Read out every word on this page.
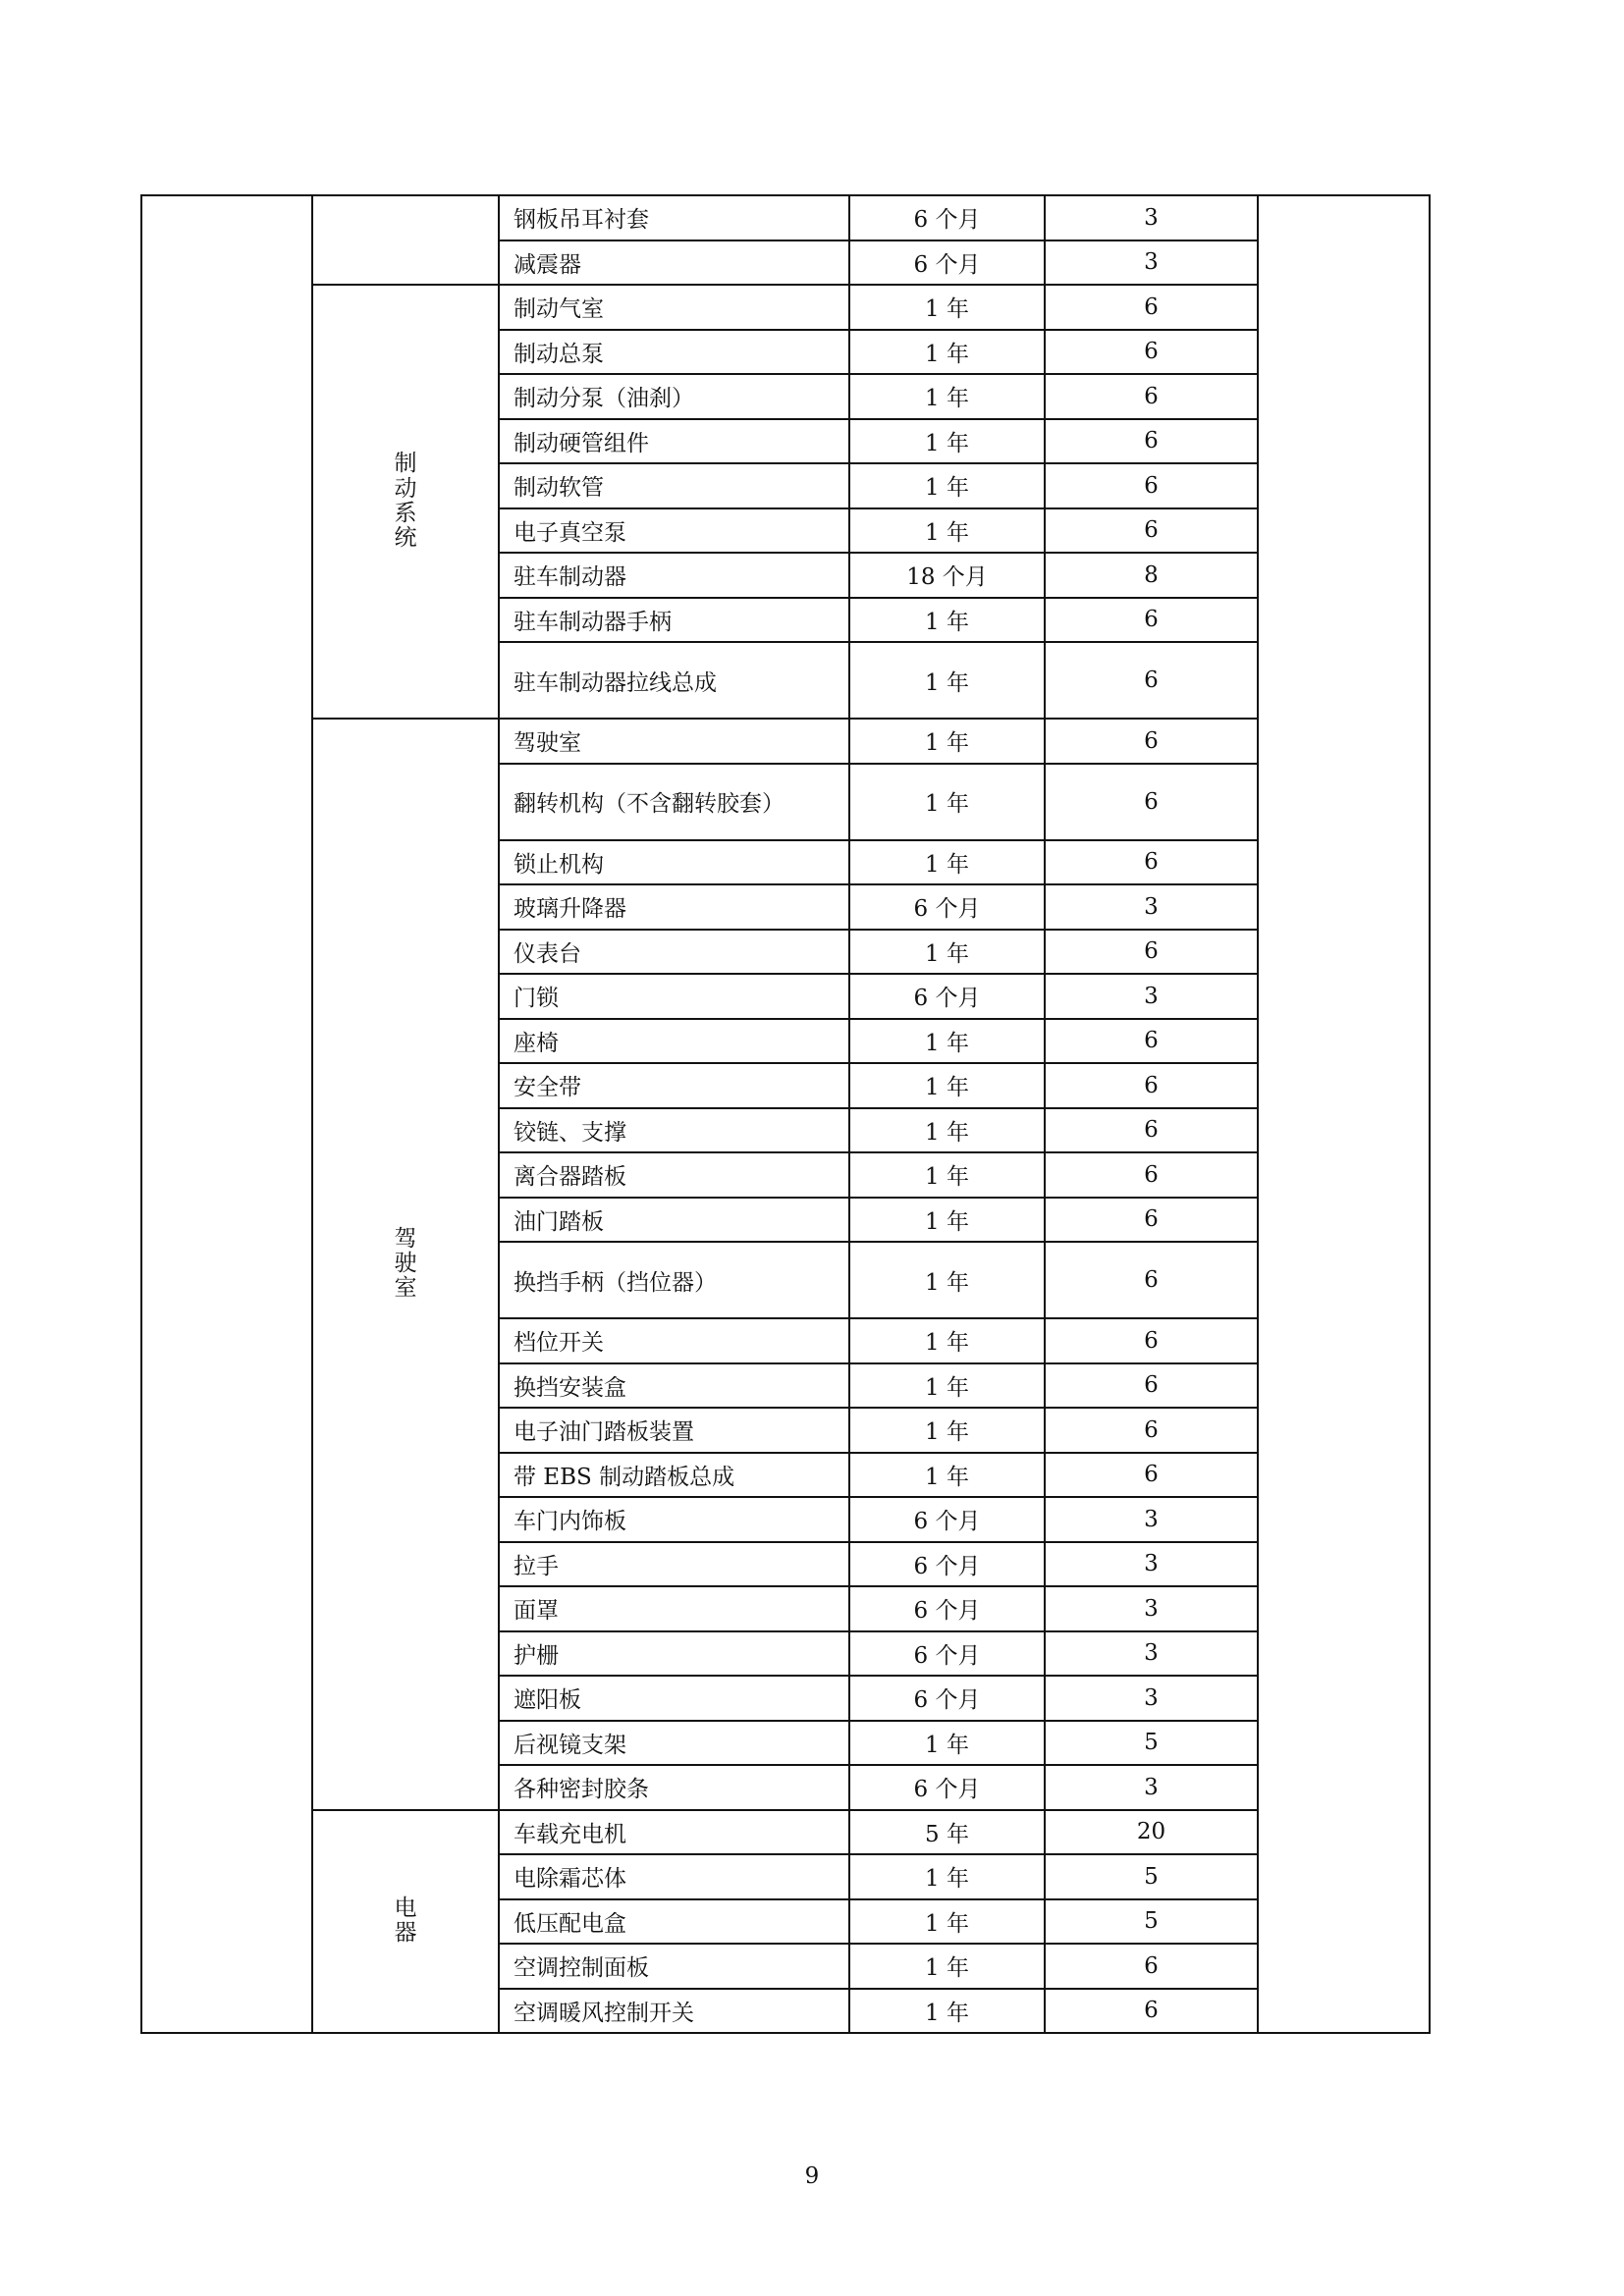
		钢板吊耳衬套	6 个月	3	
		减震器	6 个月	3	
	制动系统	制动气室	1 年	6	
		制动总泵	1 年	6	
		制动分泵（油刹）	1 年	6	
		制动硬管组件	1 年	6	
		制动软管	1 年	6	
		电子真空泵	1 年	6	
		驻车制动器	18 个月	8	
		驻车制动器手柄	1 年	6	
		驻车制动器拉线总成	1 年	6	
	驾驶室	驾驶室	1 年	6	
		翻转机构（不含翻转胶套）	1 年	6	
		锁止机构	1 年	6	
		玻璃升降器	6 个月	3	
		仪表台	1 年	6	
		门锁	6 个月	3	
		座椅	1 年	6	
		安全带	1 年	6	
		铰链、支撑	1 年	6	
		离合器踏板	1 年	6	
		油门踏板	1 年	6	
		换挡手柄（挡位器）	1 年	6	
		档位开关	1 年	6	
		换挡安装盒	1 年	6	
		电子油门踏板装置	1 年	6	
		带 EBS 制动踏板总成	1 年	6	
		车门内饰板	6 个月	3	
		拉手	6 个月	3	
		面罩	6 个月	3	
		护栅	6 个月	3	
		遮阳板	6 个月	3	
		后视镜支架	1 年	5	
		各种密封胶条	6 个月	3	
	电器	车载充电机	5 年	20	
		电除霜芯体	1 年	5	
		低压配电盒	1 年	5	
		空调控制面板	1 年	6	
		空调暖风控制开关	1 年	6	
9
